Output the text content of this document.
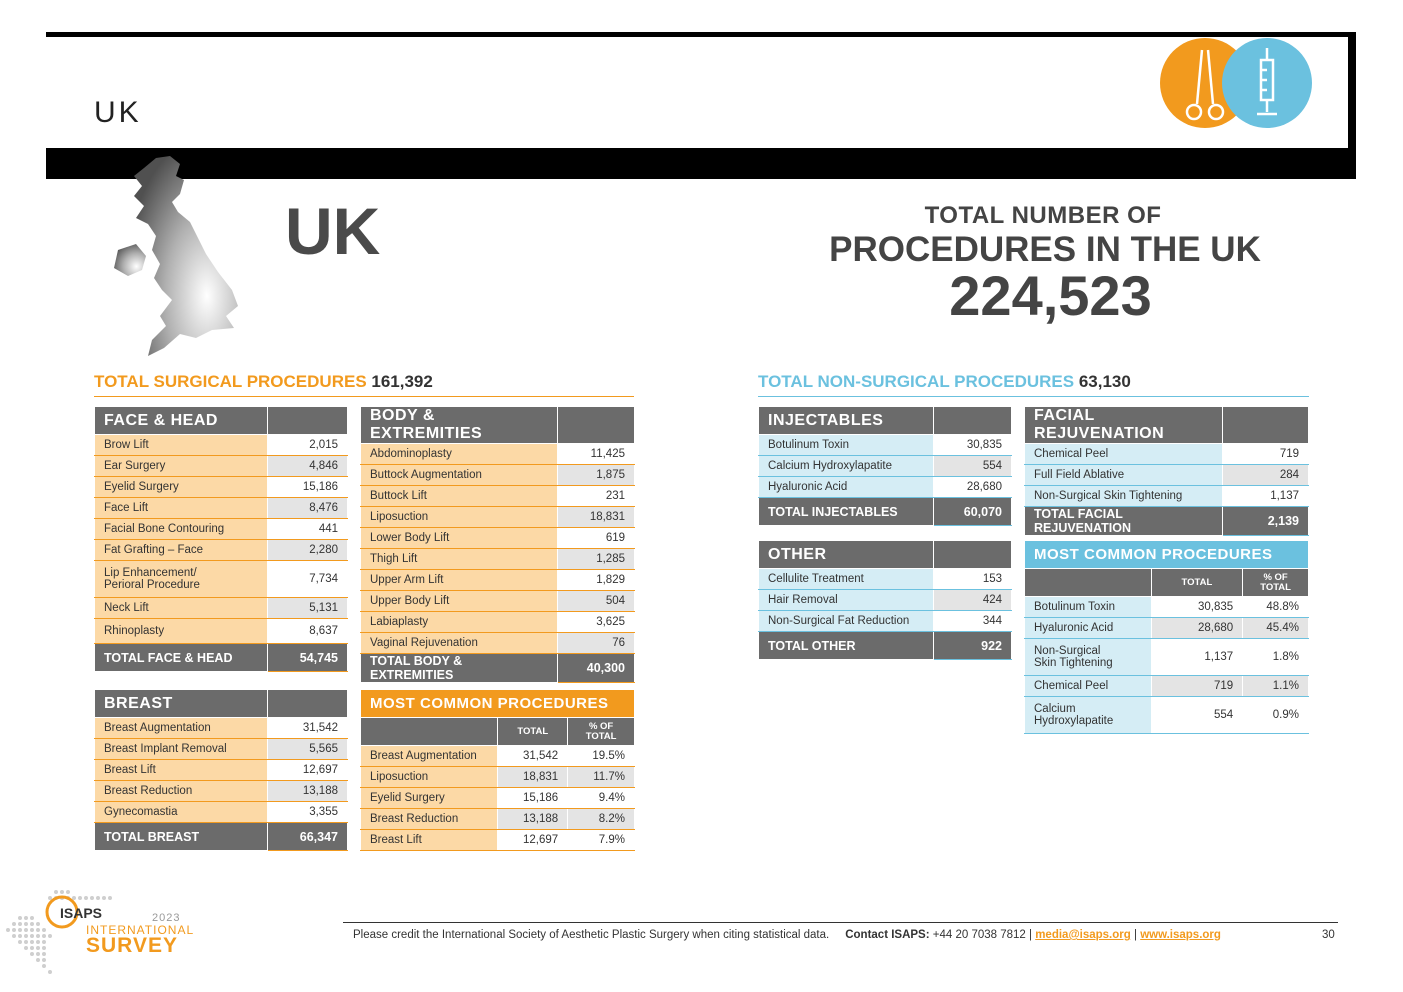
UK
UK	TOTAL NUMBER OF
PROCEDURES IN THE UK
224,523
TOTAL SURGICAL PROCEDURES 161,392	TOTAL NON-SURGICAL PROCEDURES 63,130
FACE & HEAD	
Brow Lift	2,015
Ear Surgery	4,846
Eyelid Surgery	15,186
Face Lift	8,476
Facial Bone Contouring	441
Fat Grafting – Face	2,280
Lip Enhancement/
Perioral Procedure	7,734
Neck Lift	5,131
Rhinoplasty	8,637
TOTAL FACE & HEAD	54,745
BODY & EXTREMITIES	
Abdominoplasty	11,425
Buttock Augmentation	1,875
Buttock Lift	231
Liposuction	18,831
Lower Body Lift	619
Thigh Lift	1,285
Upper Arm Lift	1,829
Upper Body Lift	504
Labiaplasty	3,625
Vaginal Rejuvenation	76
TOTAL BODY & EXTREMITIES	40,300
BREAST	
Breast Augmentation	31,542
Breast Implant Removal	5,565
Breast Lift	12,697
Breast Reduction	13,188
Gynecomastia	3,355
TOTAL BREAST	66,347
MOST COMMON PROCEDURES		
	TOTAL	% OF
TOTAL
Breast Augmentation	31,542	19.5%
Liposuction	18,831	11.7%
Eyelid Surgery	15,186	9.4%
Breast Reduction	13,188	8.2%
Breast Lift	12,697	7.9%
INJECTABLES	
Botulinum Toxin	30,835
Calcium Hydroxylapatite	554
Hyaluronic Acid	28,680
TOTAL INJECTABLES	60,070
FACIAL REJUVENATION	
Chemical Peel	719
Full Field Ablative	284
Non-Surgical Skin Tightening	1,137
TOTAL FACIAL REJUVENATION	2,139
OTHER	
Cellulite Treatment	153
Hair Removal	424
Non-Surgical Fat Reduction	344
TOTAL OTHER	922
MOST COMMON PROCEDURES		
	TOTAL	% OF
TOTAL
Botulinum Toxin	30,835	48.8%
Hyaluronic Acid	28,680	45.4%
Non-Surgical
Skin Tightening	1,137	1.8%
Chemical Peel	719	1.1%
Calcium
Hydroxylapatite	554	0.9%
ISAPS	2023
INTERNATIONAL
SURVEY	Please credit the International Society of Aesthetic Plastic Surgery when citing statistical data. Contact ISAPS: +44 20 7038 7812 | media@isaps.org | www.isaps.org	30
